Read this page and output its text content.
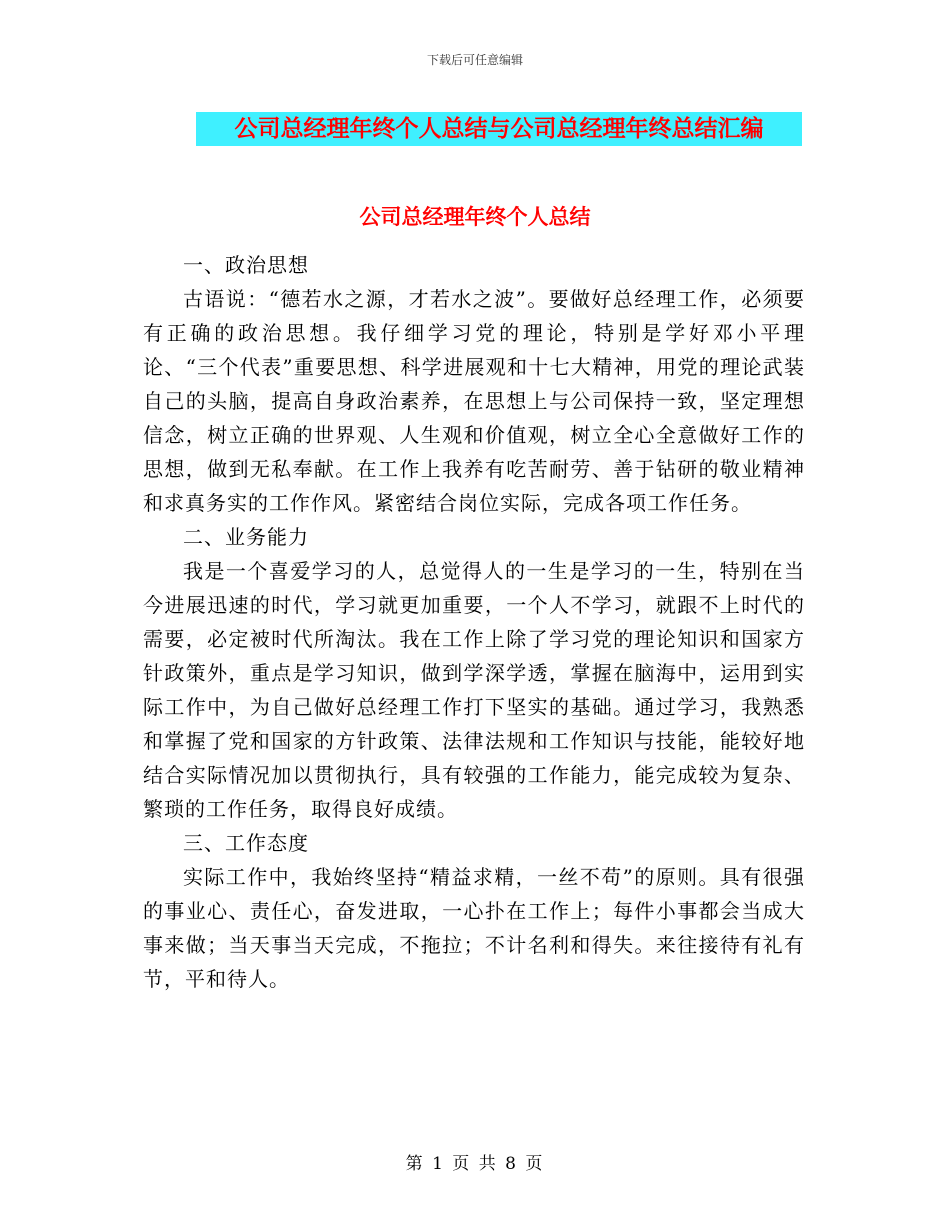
下载后可任意编辑
公司总经理年终个人总结与公司总经理年终总结汇编
公司总经理年终个人总结

一、政治思想

古语说：“德若水之源，才若水之波”。要做好总经理工作，必须要有正确的政治思想。我仔细学习党的理论，特别是学好邓小平理论、“三个代表”重要思想、科学进展观和十七大精神，用党的理论武装自己的头脑，提高自身政治素养，在思想上与公司保持一致，坚定理想信念，树立正确的世界观、人生观和价值观，树立全心全意做好工作的思想，做到无私奉献。在工作上我养有吃苦耐劳、善于钻研的敬业精神和求真务实的工作作风。紧密结合岗位实际，完成各项工作任务。

二、业务能力

我是一个喜爱学习的人，总觉得人的一生是学习的一生，特别在当今进展迅速的时代，学习就更加重要，一个人不学习，就跟不上时代的需要，必定被时代所淘汰。我在工作上除了学习党的理论知识和国家方针政策外，重点是学习知识，做到学深学透，掌握在脑海中，运用到实际工作中，为自己做好总经理工作打下坚实的基础。通过学习，我熟悉和掌握了党和国家的方针政策、法律法规和工作知识与技能，能较好地结合实际情况加以贯彻执行，具有较强的工作能力，能完成较为复杂、繁琐的工作任务，取得良好成绩。

三、工作态度

实际工作中，我始终坚持“精益求精，一丝不苟”的原则。具有很强的事业心、责任心，奋发进取，一心扑在工作上；每件小事都会当成大事来做；当天事当天完成，不拖拉；不计名利和得失。来往接待有礼有节，平和待人。

第 1 页 共 8 页
